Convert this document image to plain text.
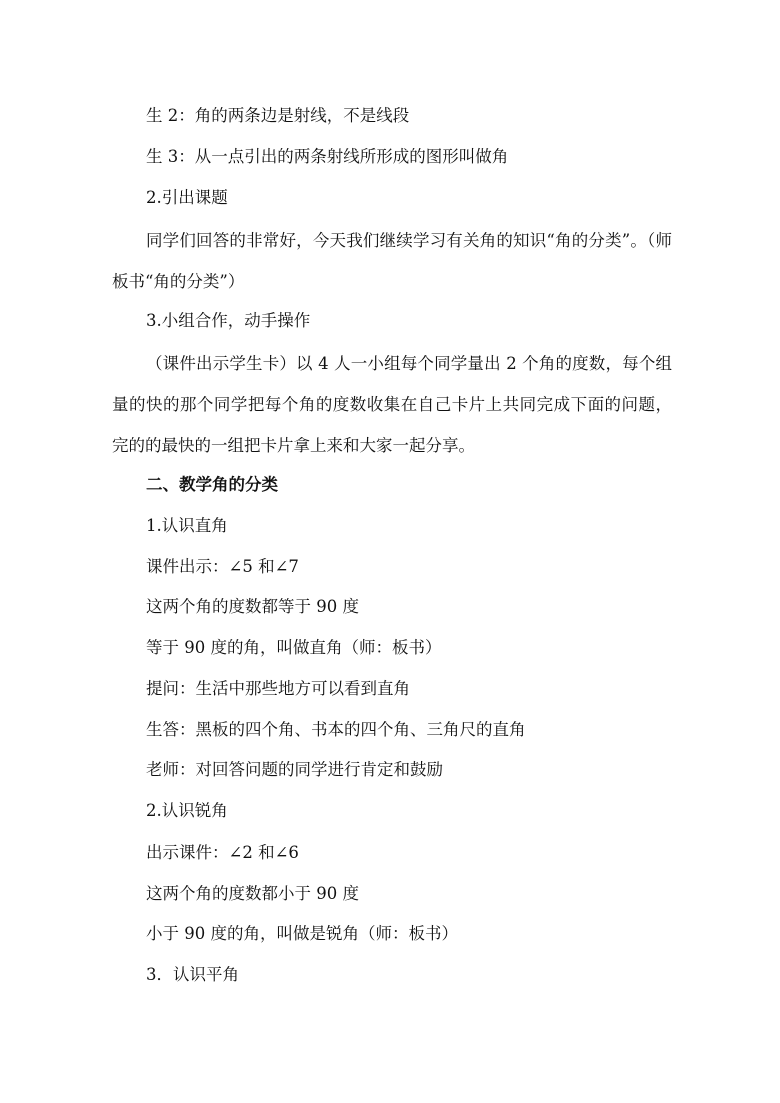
生 2：角的两条边是射线，不是线段
生 3：从一点引出的两条射线所形成的图形叫做角
2.引出课题
同学们回答的非常好，今天我们继续学习有关角的知识“角的分类”。（师板书“角的分类”）
3.小组合作，动手操作
（课件出示学生卡）以 4 人一小组每个同学量出 2 个角的度数，每个组量的快的那个同学把每个角的度数收集在自己卡片上共同完成下面的问题，完的的最快的一组把卡片拿上来和大家一起分享。
二、教学角的分类
1.认识直角
课件出示：∠5 和∠7
这两个角的度数都等于 90 度
等于 90 度的角，叫做直角（师：板书）
提问：生活中那些地方可以看到直角
生答：黑板的四个角、书本的四个角、三角尺的直角
老师：对回答问题的同学进行肯定和鼓励
2.认识锐角
出示课件：∠2 和∠6
这两个角的度数都小于 90 度
小于 90 度的角，叫做是锐角（师：板书）
3．认识平角
